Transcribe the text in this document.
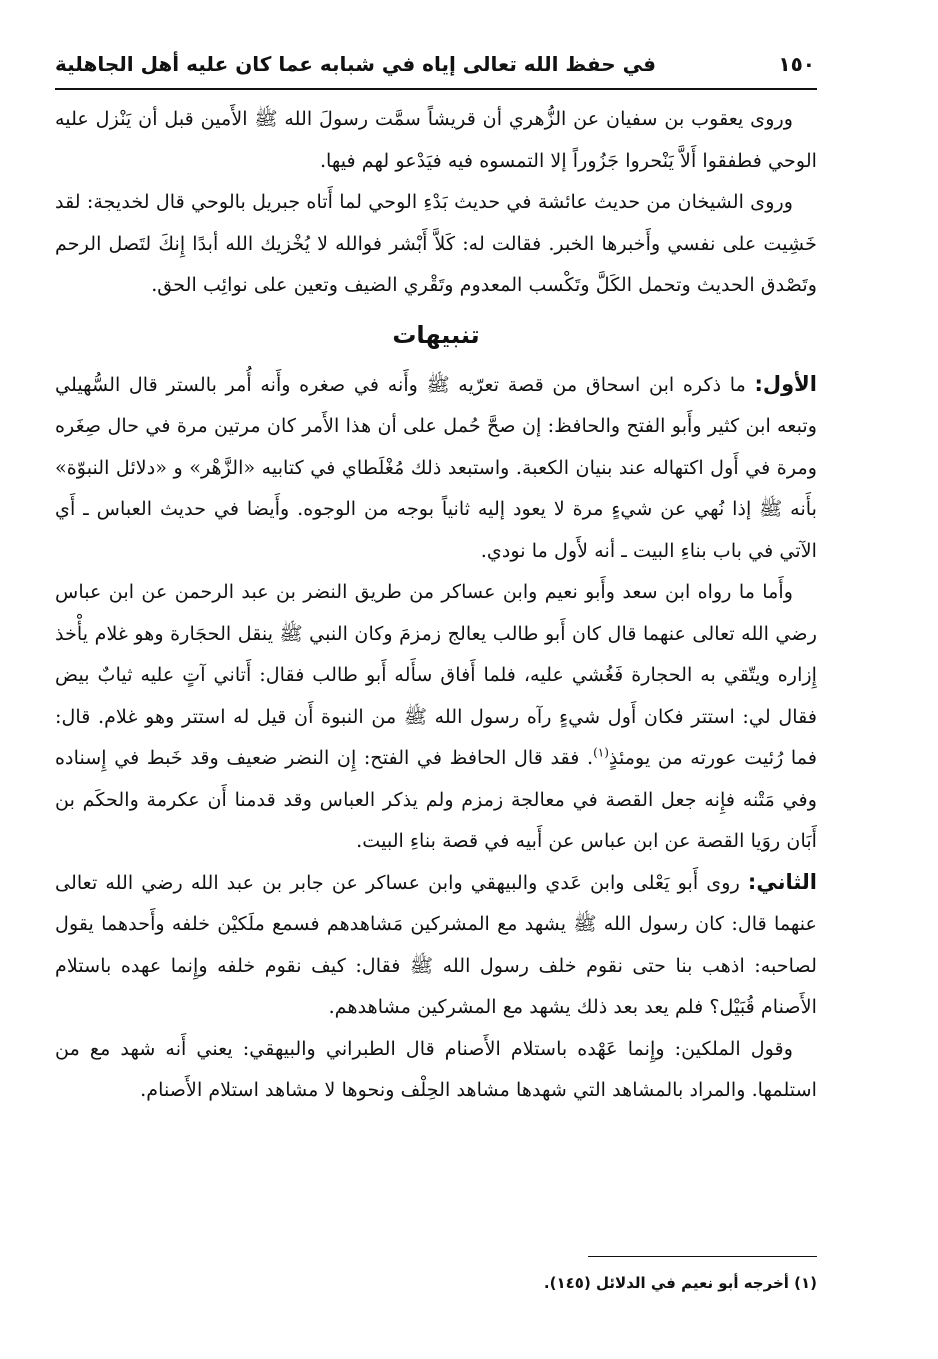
١٥٠
في حفظ الله تعالى إياه في شبابه عما كان عليه أهل الجاهلية

وروى يعقوب بن سفيان عن الزُّهري أن قريشاً سمَّت رسولَ الله ﷺ الأَمين قبل أن يَنْزل عليه الوحي فطفقوا أَلاَّ يَنْحروا جَزُوراً إلا التمسوه فيه فيَدْعو لهم فيها.

وروى الشيخان من حديث عائشة في حديث بَدْءِ الوحي لما أَتاه جبريل بالوحي قال لخديجة: لقد خَشِيت على نفسي وأَخبرها الخبر. فقالت له: كَلاَّ أَبْشر فوالله لا يُخْزيك الله أبدًا إِنكَ لتَصل الرحم وتَصْدق الحديث وتحمل الكَلَّ وتَكْسب المعدوم وتَقْري الضيف وتعين على نوائِب الحق.

تنبيهات

الأول: ما ذكره ابن اسحاق من قصة تعرّيه ﷺ وأَنه في صغره وأَنه أُمر بالستر قال السُّهيلي وتبعه ابن كثير وأَبو الفتح والحافظ: إن صحَّ حُمل على أن هذا الأَمر كان مرتين مرة في حال صِغَره ومرة في أَول اكتهاله عند بنيان الكعبة. واستبعد ذلك مُغْلَطاي في كتابيه «الزَّهْر» و «دلائل النبوّة» بأَنه ﷺ إذا نُهي عن شيءٍ مرة لا يعود إليه ثانياً بوجه من الوجوه. وأَيضا في حديث العباس ـ أَي الآتي في باب بناءِ البيت ـ أنه لأَول ما نودي.

وأَما ما رواه ابن سعد وأَبو نعيم وابن عساكر من طريق النضر بن عبد الرحمن عن ابن عباس رضي الله تعالى عنهما قال كان أَبو طالب يعالج زمزمَ وكان النبي ﷺ ينقل الحجَارة وهو غلام يأْخذ إِزاره ويتّقي به الحجارة فَغُشي عليه، فلما أَفاق سأَله أَبو طالب فقال: أَتاني آتٍ عليه ثيابٌ بيض فقال لي: استتر فكان أَول شيءٍ رآه رسول الله ﷺ من النبوة أَن قيل له استتر وهو غلام. قال: فما رُئيت عورته من يومئذٍ$^{(١)}$. فقد قال الحافظ في الفتح: إِن النضر ضعيف وقد خَبط في إِسناده وفي مَتْنه فإِنه جعل القصة في معالجة زمزم ولم يذكر العباس وقد قدمنا أَن عكرمة والحكَم بن أَبَان روَيا القصة عن ابن عباس عن أَبيه في قصة بناءِ البيت.

الثاني: روى أَبو يَعْلى وابن عَدي والبيهقي وابن عساكر عن جابر بن عبد الله رضي الله تعالى عنهما قال: كان رسول الله ﷺ يشهد مع المشركين مَشاهدهم فسمع ملَكيْن خلفه وأَحدهما يقول لصاحبه: اذهب بنا حتى نقوم خلف رسول الله ﷺ فقال: كيف نقوم خلفه وإِنما عهده باستلام الأَصنام قُبَيْل؟ فلم يعد بعد ذلك يشهد مع المشركين مشاهدهم.

وقول الملكين: وإِنما عَهْده باستلام الأَصنام قال الطبراني والبيهقي: يعني أَنه شهد مع من استلمها. والمراد بالمشاهد التي شهدها مشاهد الحِلْف ونحوها لا مشاهد استلام الأَصنام.

(١) أخرجه أبو نعيم في الدلائل (١٤٥).
